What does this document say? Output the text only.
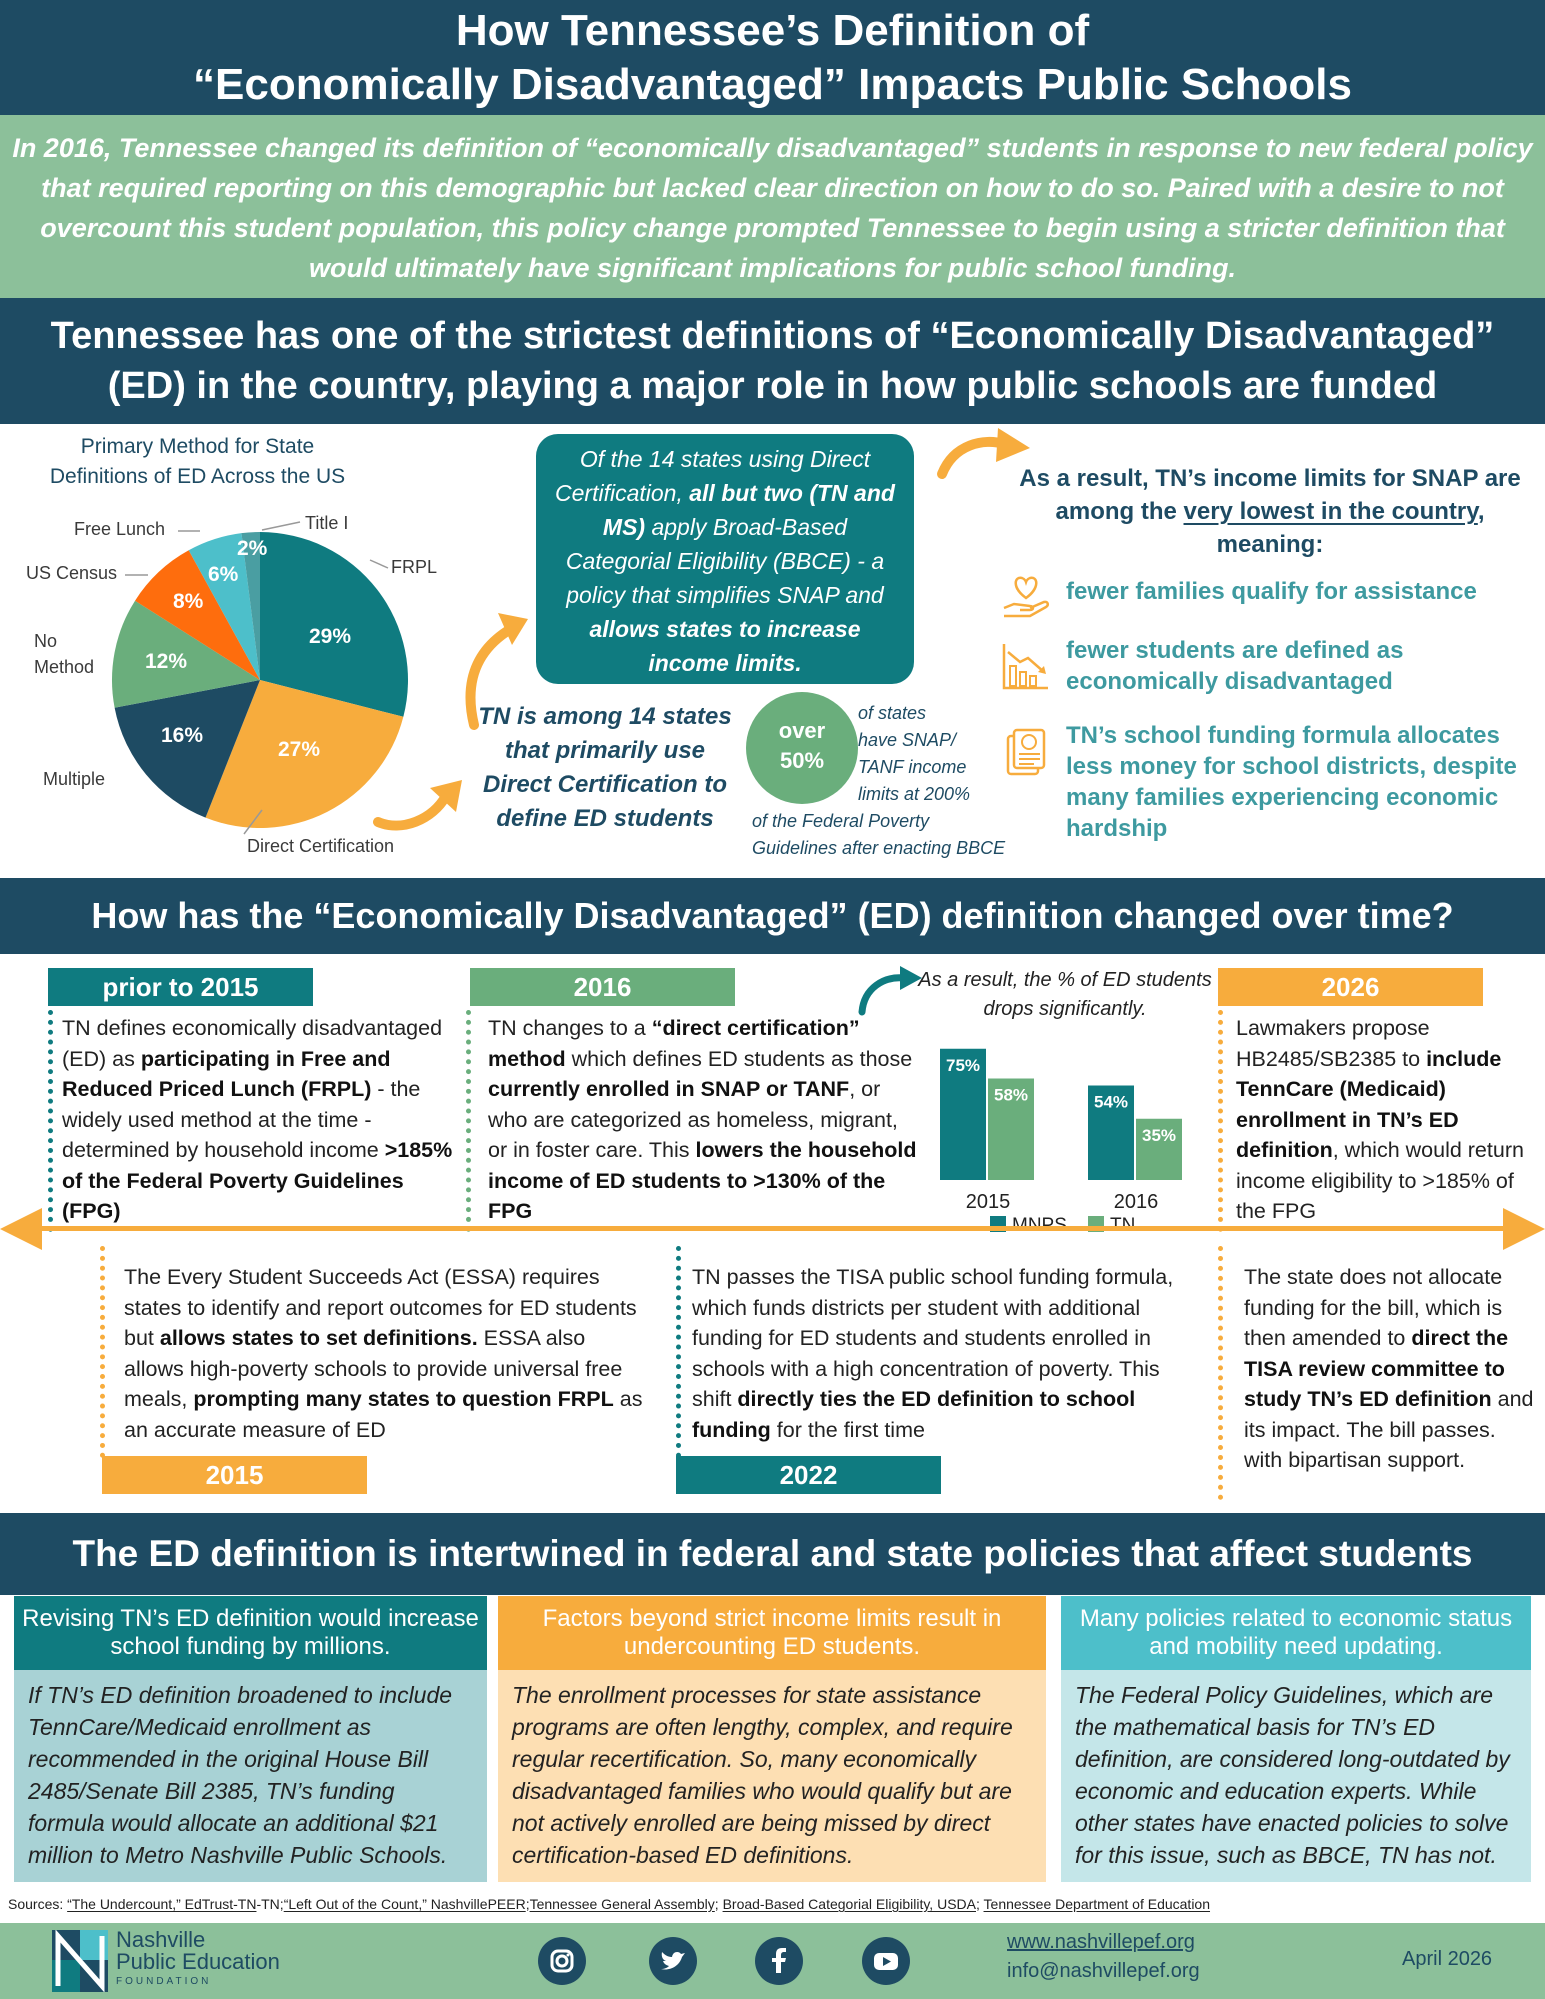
How Tennessee’s Definition of
“Economically Disadvantaged” Impacts Public Schools
In 2016, Tennessee changed its definition of “economically disadvantaged” students in response to new federal policy that required reporting on this demographic but lacked clear direction on how to do so. Paired with a desire to not overcount this student population, this policy change prompted Tennessee to begin using a stricter definition that would ultimately have significant implications for public school funding.
Tennessee has one of the strictest definitions of “Economically Disadvantaged”
(ED) in the country, playing a major role in how public schools are funded
Primary Method for State
Definitions of ED Across the US
Free Lunch	Title I
FRPL
US Census
No Method
Multiple
Direct Certification
29%
27%
16%
12%
8%
6%
2%
Of the 14 states using Direct Certification, all but two (TN and MS) apply Broad-Based Categorial Eligibility (BBCE) - a policy that simplifies SNAP and allows states to increase income limits.
TN is among 14 states that primarily use Direct Certification to define ED students
over
50%
of states
have SNAP/
TANF income
limits at 200%
of the Federal Poverty
Guidelines after enacting BBCE
As a result, TN’s income limits for SNAP are among the very lowest in the country, meaning:
fewer families qualify for assistance
fewer students are defined as economically disadvantaged
TN’s school funding formula allocates less money for school districts, despite many families experiencing economic hardship
How has the “Economically Disadvantaged” (ED) definition changed over time?
prior to 2015	2016	2026
TN defines economically disadvantaged (ED) as participating in Free and Reduced Priced Lunch (FRPL) - the widely used method at the time - determined by household income >185% of the Federal Poverty Guidelines (FPG)
TN changes to a “direct certification” method which defines ED students as those currently enrolled in SNAP or TANF, or who are categorized as homeless, migrant, or in foster care. This lowers the household income of ED students to >130% of the FPG
Lawmakers propose HB2485/SB2385 to include TennCare (Medicaid) enrollment in TN’s ED definition, which would return income eligibility to >185% of the FPG
As a result, the % of ED students drops significantly.
75%
58%
2015
54%
35%
2016
The Every Student Succeeds Act (ESSA) requires states to identify and report outcomes for ED students but allows states to set definitions. ESSA also allows high-poverty schools to provide universal free meals, prompting many states to question FRPL as an accurate measure of ED
TN passes the TISA public school funding formula, which funds districts per student with additional funding for ED students and students enrolled in schools with a high concentration of poverty. This shift directly ties the ED definition to school funding for the first time
The state does not allocate funding for the bill, which is then amended to direct the TISA review committee to study TN’s ED definition and its impact. The bill passes. with bipartisan support.
2015	2022
The ED definition is intertwined in federal and state policies that affect students
Revising TN’s ED definition would increase school funding by millions.
If TN’s ED definition broadened to include TennCare/Medicaid enrollment as recommended in the original House Bill 2485/Senate Bill 2385, TN’s funding formula would allocate an additional $21 million to Metro Nashville Public Schools.
Factors beyond strict income limits result in undercounting ED students.
The enrollment processes for state assistance programs are often lengthy, complex, and require regular recertification. So, many economically disadvantaged families who would qualify but are not actively enrolled are being missed by direct certification-based ED definitions.
Many policies related to economic status and mobility need updating.
The Federal Policy Guidelines, which are the mathematical basis for TN’s ED definition, are considered long-outdated by economic and education experts. While other states have enacted policies to solve for this issue, such as BBCE, TN has not.
Sources: “The Undercount,” EdTrust-TN-TN;“Left Out of the Count,” NashvillePEER;Tennessee General Assembly; Broad-Based Categorial Eligibility, USDA; Tennessee Department of Education
Nashville
Public Education
FOUNDATION
www.nashvillepef.org
info@nashvillepef.org
April 2026
